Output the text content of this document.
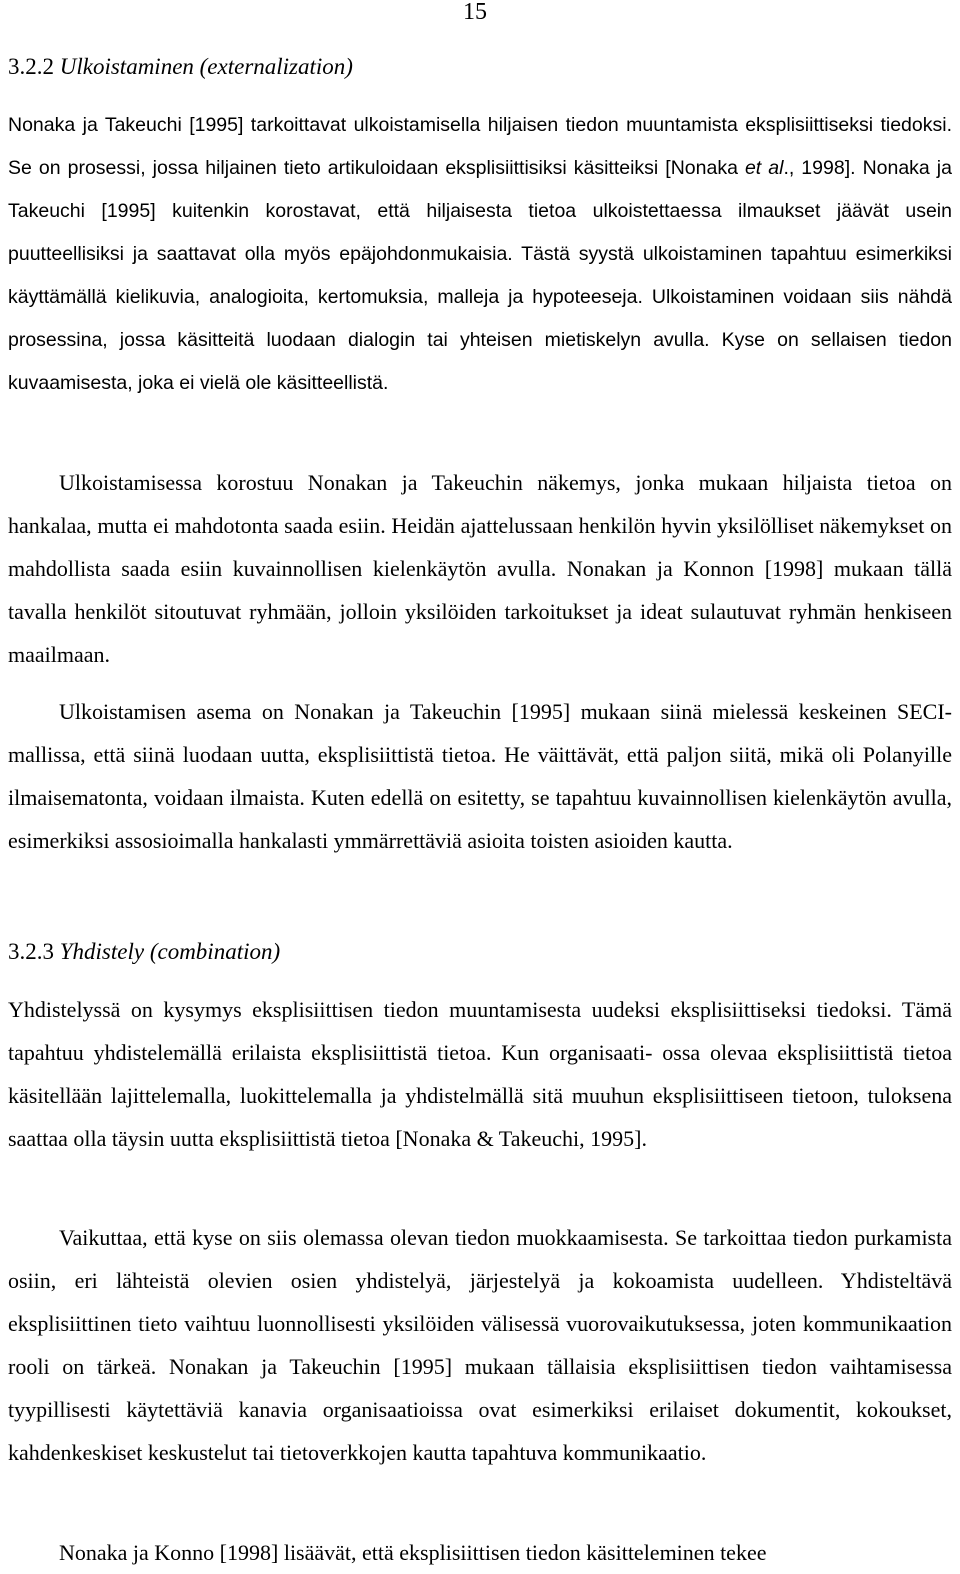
15
3.2.2 Ulkoistaminen (externalization)
Nonaka ja Takeuchi [1995] tarkoittavat ulkoistamisella hiljaisen tiedon muuntamista eksplisiittiseksi tiedoksi. Se on prosessi, jossa hiljainen tieto artikuloidaan eksplisiittisiksi käsitteiksi [Nonaka et al., 1998]. Nonaka ja Takeuchi [1995] kuitenkin korostavat, että hiljaisesta tietoa ulkoistettaessa ilmaukset jäävät usein puutteellisiksi ja saattavat olla myös epäjohdonmukaisia. Tästä syystä ulkoistaminen tapahtuu esimerkiksi käyttämällä kielikuvia, analogioita, kertomuksia, malleja ja hypoteeseja. Ulkoistaminen voidaan siis nähdä prosessina, jossa käsitteitä luodaan dialogin tai yhteisen mietiskelyn avulla. Kyse on sellaisen tiedon kuvaamisesta, joka ei vielä ole käsitteellistä.
Ulkoistamisessa korostuu Nonakan ja Takeuchin näkemys, jonka mukaan hiljaista tietoa on hankalaa, mutta ei mahdotonta saada esiin. Heidän ajattelussaan henkilön hyvin yksilölliset näkemykset on mahdollista saada esiin kuvainnollisen kielenkäytön avulla. Nonakan ja Konnon [1998] mukaan tällä tavalla henkilöt sitoutuvat ryhmään, jolloin yksilöiden tarkoitukset ja ideat sulautuvat ryhmän henkiseen maailmaan.
Ulkoistamisen asema on Nonakan ja Takeuchin [1995] mukaan siinä mielessä keskeinen SECI-mallissa, että siinä luodaan uutta, eksplisiittistä tietoa. He väittävät, että paljon siitä, mikä oli Polanyille ilmaisematonta, voidaan ilmaista. Kuten edellä on esitetty, se tapahtuu kuvainnollisen kielenkäytön avulla, esimerkiksi assosioimalla hankalasti ymmärrettäviä asioita toisten asioiden kautta.
3.2.3 Yhdistely (combination)
Yhdistelyssä on kysymys eksplisiittisen tiedon muuntamisesta uudeksi eksplisiittiseksi tiedoksi. Tämä tapahtuu yhdistelemällä erilaista eksplisiittistä tietoa. Kun organisaati- ossa olevaa eksplisiittistä tietoa käsitellään lajittelemalla, luokittelemalla ja yhdistelmällä sitä muuhun eksplisiittiseen tietoon, tuloksena saattaa olla täysin uutta eksplisiittistä tietoa [Nonaka & Takeuchi, 1995].
Vaikuttaa, että kyse on siis olemassa olevan tiedon muokkaamisesta. Se tarkoittaa tiedon purkamista osiin, eri lähteistä olevien osien yhdistelyä, järjestelyä ja kokoamista uudelleen. Yhdisteltävä eksplisiittinen tieto vaihtuu luonnollisesti yksilöiden välisessä vuorovaikutuksessa, joten kommunikaation rooli on tärkeä. Nonakan ja Takeuchin [1995] mukaan tällaisia eksplisiittisen tiedon vaihtamisessa tyypillisesti käytettäviä kanavia organisaatioissa ovat esimerkiksi erilaiset dokumentit, kokoukset, kahdenkeskiset keskustelut tai tietoverkkojen kautta tapahtuva kommunikaatio.
Nonaka ja Konno [1998] lisäävät, että eksplisiittisen tiedon käsitteleminen tekee
